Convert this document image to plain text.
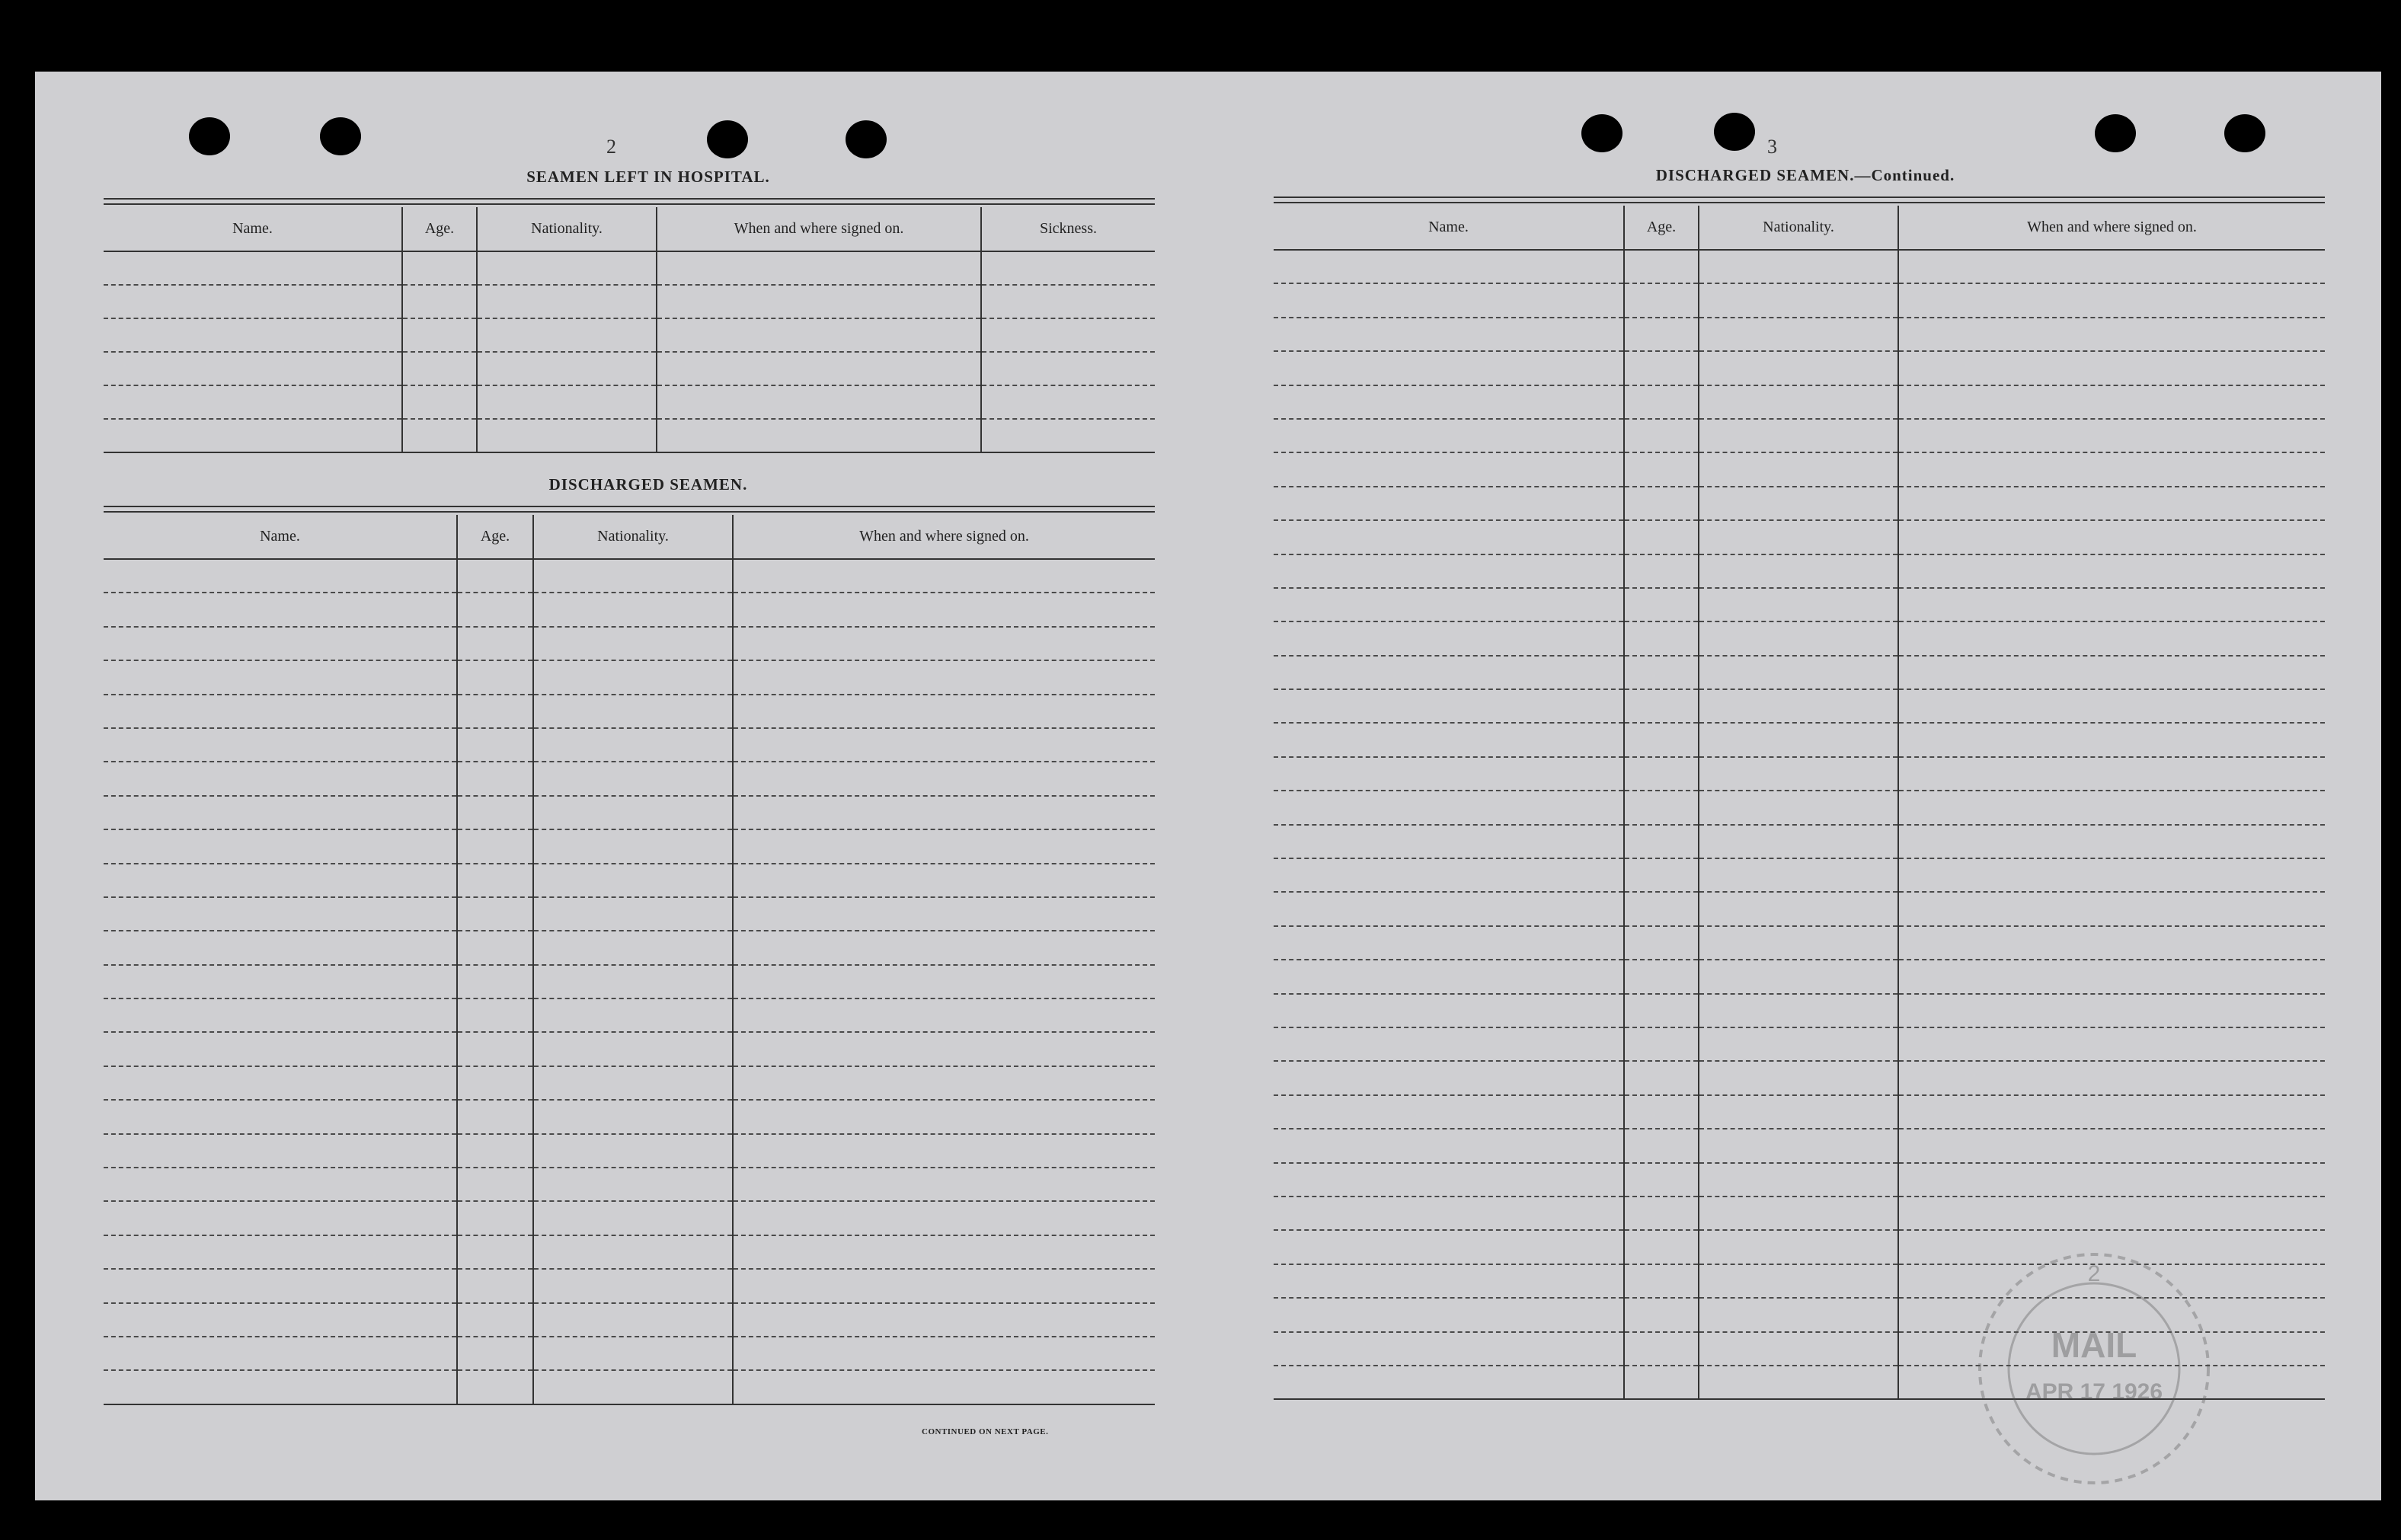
2
SEAMEN LEFT IN HOSPITAL.
Name.	Age.	Nationality.	When and where signed on.	Sickness.

DISCHARGED SEAMEN.
Name.	Age.	Nationality.	When and where signed on.

CONTINUED ON NEXT PAGE.
3
DISCHARGED SEAMEN.—Continued.
Name.	Age.	Nationality.	When and where signed on.

2
MAIL
APR 17 1926
